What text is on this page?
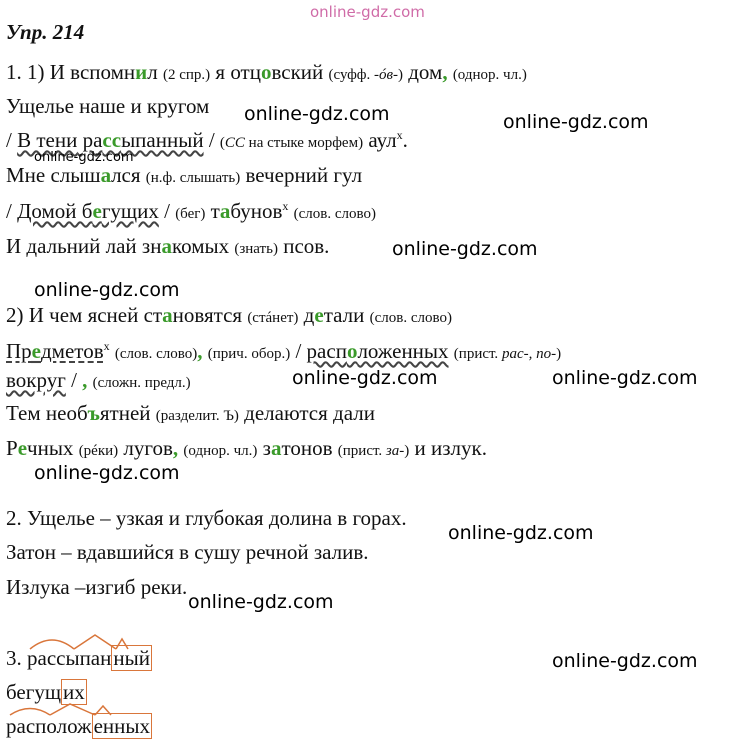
online-gdz.com
Упр. 214
1. 1) И вспомнил (2 спр.) я отцовский (суфф. -óв-) дом, (однор. чл.)
Ущелье наше и кругом
/ В тени рассыпанный / (СС на стыке морфем) аул$^х$.
Мне слышался (н.ф. слышать) вечерний гул
/ Домой бегущих / (бег) табунов$^х$ (слов. слово)
И дальний лай знакомых (знать) псов.
2) И чем ясней становятся (стáнет) детали (слов. слово)
Предметов$^х$ (слов. слово), (прич. обор.) / расположенных (прист. рас-, по-)
вокруг / , (сложн. предл.)
Тем необъятней (разделит. Ъ) делаются дали
Речных (рéки) лугов, (однор. чл.) затонов (прист. за-) и излук.
2. Ущелье – узкая и глубокая долина в горах.
Затон – вдавшийся в сушу речной залив.
Излука –изгиб реки.
3. рассыпанный
бегущих
расположенных
online-gdz.com	online-gdz.com
online-gdz.com
online-gdz.com
online-gdz.com
online-gdz.com	online-gdz.com
online-gdz.com
online-gdz.com
online-gdz.com
online-gdz.com
